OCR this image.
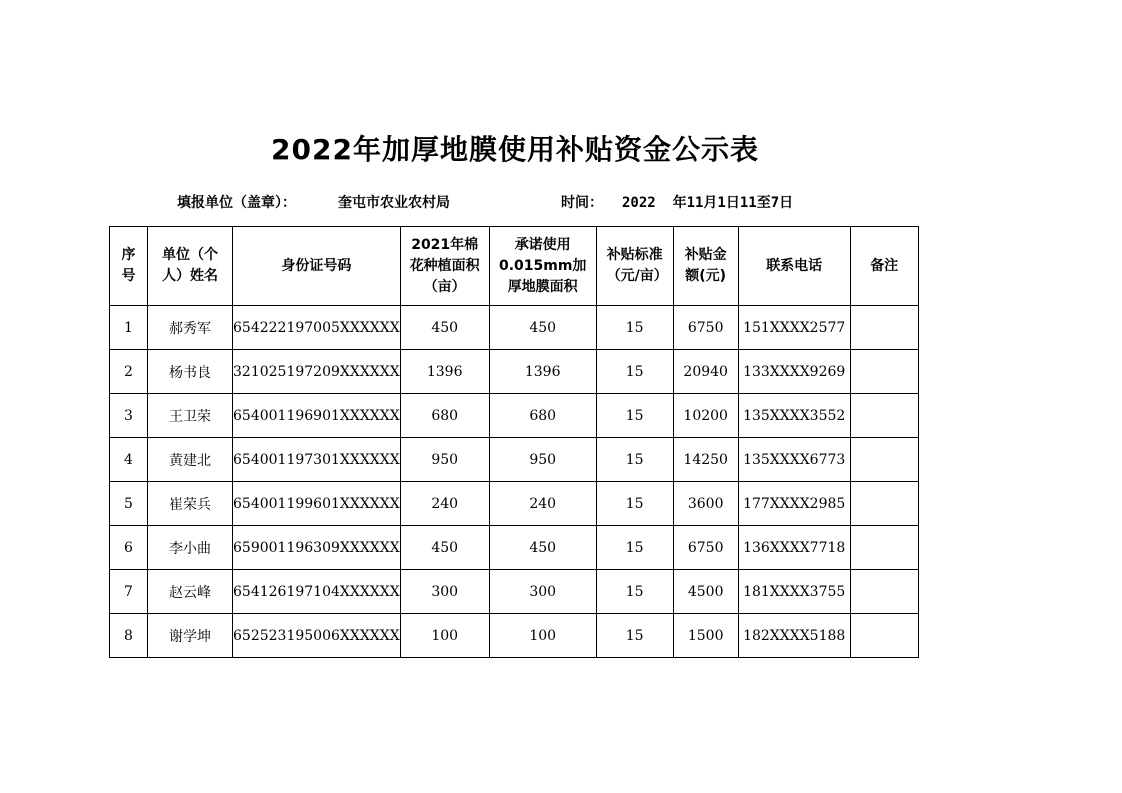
2022年加厚地膜使用补贴资金公示表
填报单位（盖章）：	奎屯市农业农村局	时间： 2022  年11月1日11至7日
序号	单位（个人）姓名	身份证号码	2021年棉花种植面积（亩）	承诺使用0.015mm加厚地膜面积	补贴标准（元/亩）	补贴金额(元)	联系电话	备注
1	郝秀军	654222197005XXXXXX	450	450	15	6750	151XXXX2577	
2	杨书良	321025197209XXXXXX	1396	1396	15	20940	133XXXX9269	
3	王卫荣	654001196901XXXXXX	680	680	15	10200	135XXXX3552	
4	黄建北	654001197301XXXXXX	950	950	15	14250	135XXXX6773	
5	崔荣兵	654001199601XXXXXX	240	240	15	3600	177XXXX2985	
6	李小曲	659001196309XXXXXX	450	450	15	6750	136XXXX7718	
7	赵云峰	654126197104XXXXXX	300	300	15	4500	181XXXX3755	
8	谢学坤	652523195006XXXXXX	100	100	15	1500	182XXXX5188	
